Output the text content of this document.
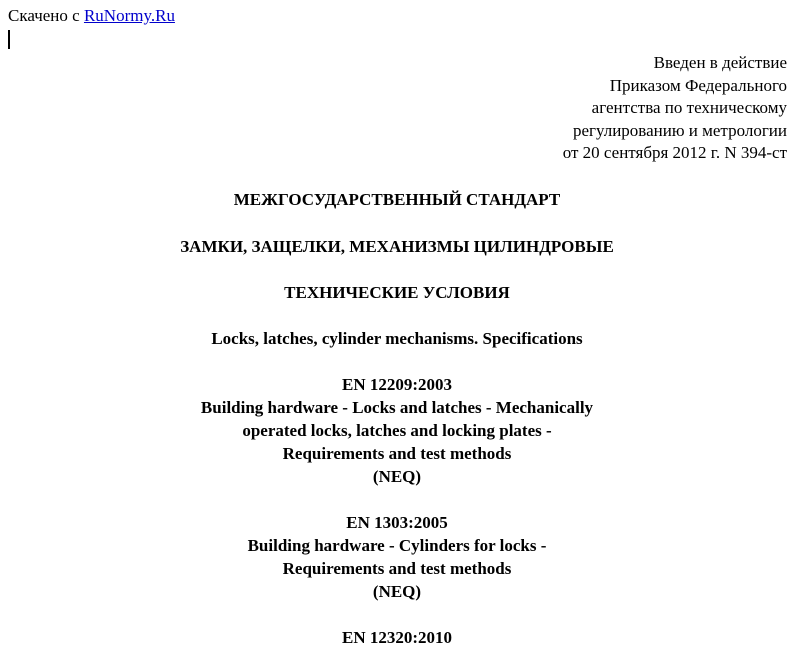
Скачено с RuNormy.Ru
Введен в действие
Приказом Федерального
агентства по техническому
регулированию и метрологии
от 20 сентября 2012 г. N 394-ст
МЕЖГОСУДАРСТВЕННЫЙ СТАНДАРТ
ЗАМКИ, ЗАЩЕЛКИ, МЕХАНИЗМЫ ЦИЛИНДРОВЫЕ
ТЕХНИЧЕСКИЕ УСЛОВИЯ
Locks, latches, cylinder mechanisms. Specifications
EN 12209:2003
Building hardware - Locks and latches - Mechanically
operated locks, latches and locking plates -
Requirements and test methods
(NEQ)
EN 1303:2005
Building hardware - Cylinders for locks -
Requirements and test methods
(NEQ)
EN 12320:2010
